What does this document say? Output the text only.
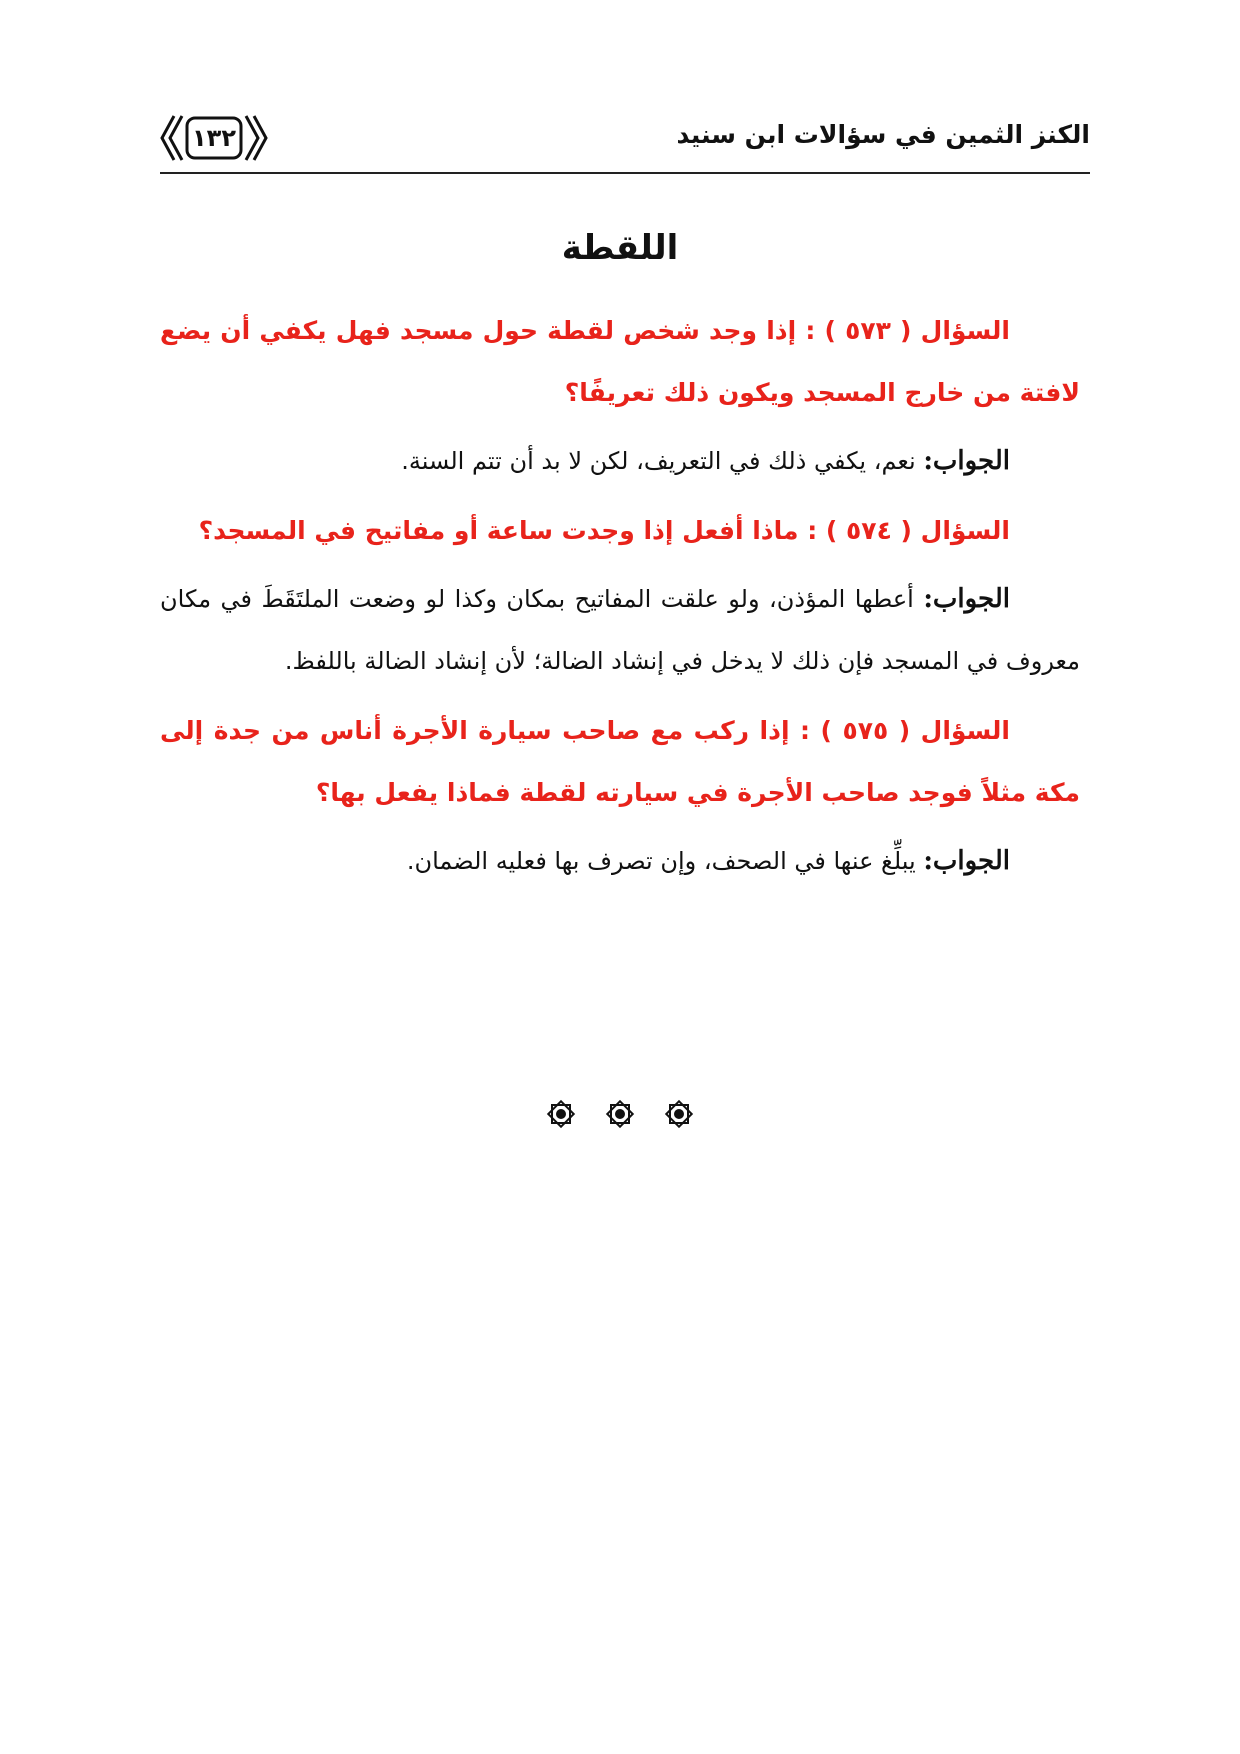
الكنز الثمين في سؤالات ابن سنيد
١٣٢
اللقطة

السؤال ( ٥٧٣ ) : إذا وجد شخص لقطة حول مسجد فهل يكفي أن يضع لافتة من خارج المسجد ويكون ذلك تعريفًا؟

الجواب: نعم، يكفي ذلك في التعريف، لكن لا بد أن تتم السنة.

السؤال ( ٥٧٤ ) : ماذا أفعل إذا وجدت ساعة أو مفاتيح في المسجد؟

الجواب: أعطها المؤذن، ولو علقت المفاتيح بمكان وكذا لو وضعت الملتَقَطَ في مكان معروف في المسجد فإن ذلك لا يدخل في إنشاد الضالة؛ لأن إنشاد الضالة باللفظ.

السؤال ( ٥٧٥ ) : إذا ركب مع صاحب سيارة الأجرة أناس من جدة إلى مكة مثلاً فوجد صاحب الأجرة في سيارته لقطة فماذا يفعل بها؟

الجواب: يبلِّغ عنها في الصحف، وإن تصرف بها فعليه الضمان.
